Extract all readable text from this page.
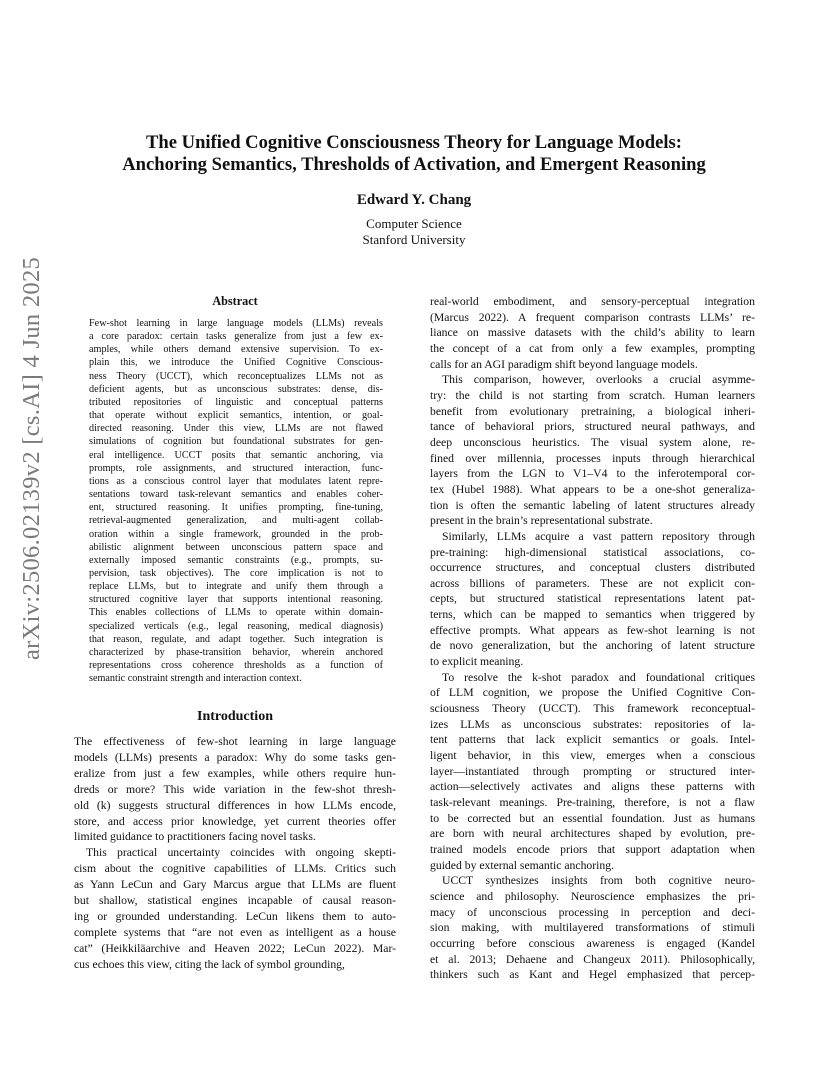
arXiv:2506.02139v2 [cs.AI] 4 Jun 2025
The Unified Cognitive Consciousness Theory for Language Models:
Anchoring Semantics, Thresholds of Activation, and Emergent Reasoning
Edward Y. Chang
Computer Science
Stanford University
Abstract
Few-shot learning in large language models (LLMs) reveals
a core paradox: certain tasks generalize from just a few ex-
amples, while others demand extensive supervision. To ex-
plain this, we introduce the Unified Cognitive Conscious-
ness Theory (UCCT), which reconceptualizes LLMs not as
deficient agents, but as unconscious substrates: dense, dis-
tributed repositories of linguistic and conceptual patterns
that operate without explicit semantics, intention, or goal-
directed reasoning. Under this view, LLMs are not flawed
simulations of cognition but foundational substrates for gen-
eral intelligence. UCCT posits that semantic anchoring, via
prompts, role assignments, and structured interaction, func-
tions as a conscious control layer that modulates latent repre-
sentations toward task-relevant semantics and enables coher-
ent, structured reasoning. It unifies prompting, fine-tuning,
retrieval-augmented generalization, and multi-agent collab-
oration within a single framework, grounded in the prob-
abilistic alignment between unconscious pattern space and
externally imposed semantic constraints (e.g., prompts, su-
pervision, task objectives). The core implication is not to
replace LLMs, but to integrate and unify them through a
structured cognitive layer that supports intentional reasoning.
This enables collections of LLMs to operate within domain-
specialized verticals (e.g., legal reasoning, medical diagnosis)
that reason, regulate, and adapt together. Such integration is
characterized by phase-transition behavior, wherein anchored
representations cross coherence thresholds as a function of
semantic constraint strength and interaction context.
Introduction
The effectiveness of few-shot learning in large language
models (LLMs) presents a paradox: Why do some tasks gen-
eralize from just a few examples, while others require hun-
dreds or more? This wide variation in the few-shot thresh-
old (k) suggests structural differences in how LLMs encode,
store, and access prior knowledge, yet current theories offer
limited guidance to practitioners facing novel tasks.
This practical uncertainty coincides with ongoing skepti-
cism about the cognitive capabilities of LLMs. Critics such
as Yann LeCun and Gary Marcus argue that LLMs are fluent
but shallow, statistical engines incapable of causal reason-
ing or grounded understanding. LeCun likens them to auto-
complete systems that “are not even as intelligent as a house
cat” (Heikkiläarchive and Heaven 2022; LeCun 2022). Mar-
cus echoes this view, citing the lack of symbol grounding,
real-world embodiment, and sensory-perceptual integration
(Marcus 2022). A frequent comparison contrasts LLMs’ re-
liance on massive datasets with the child’s ability to learn
the concept of a cat from only a few examples, prompting
calls for an AGI paradigm shift beyond language models.
This comparison, however, overlooks a crucial asymme-
try: the child is not starting from scratch. Human learners
benefit from evolutionary pretraining, a biological inheri-
tance of behavioral priors, structured neural pathways, and
deep unconscious heuristics. The visual system alone, re-
fined over millennia, processes inputs through hierarchical
layers from the LGN to V1–V4 to the inferotemporal cor-
tex (Hubel 1988). What appears to be a one-shot generaliza-
tion is often the semantic labeling of latent structures already
present in the brain’s representational substrate.
Similarly, LLMs acquire a vast pattern repository through
pre-training: high-dimensional statistical associations, co-
occurrence structures, and conceptual clusters distributed
across billions of parameters. These are not explicit con-
cepts, but structured statistical representations latent pat-
terns, which can be mapped to semantics when triggered by
effective prompts. What appears as few-shot learning is not
de novo generalization, but the anchoring of latent structure
to explicit meaning.
To resolve the k-shot paradox and foundational critiques
of LLM cognition, we propose the Unified Cognitive Con-
sciousness Theory (UCCT). This framework reconceptual-
izes LLMs as unconscious substrates: repositories of la-
tent patterns that lack explicit semantics or goals. Intel-
ligent behavior, in this view, emerges when a conscious
layer—instantiated through prompting or structured inter-
action—selectively activates and aligns these patterns with
task-relevant meanings. Pre-training, therefore, is not a flaw
to be corrected but an essential foundation. Just as humans
are born with neural architectures shaped by evolution, pre-
trained models encode priors that support adaptation when
guided by external semantic anchoring.
UCCT synthesizes insights from both cognitive neuro-
science and philosophy. Neuroscience emphasizes the pri-
macy of unconscious processing in perception and deci-
sion making, with multilayered transformations of stimuli
occurring before conscious awareness is engaged (Kandel
et al. 2013; Dehaene and Changeux 2011). Philosophically,
thinkers such as Kant and Hegel emphasized that percep-
